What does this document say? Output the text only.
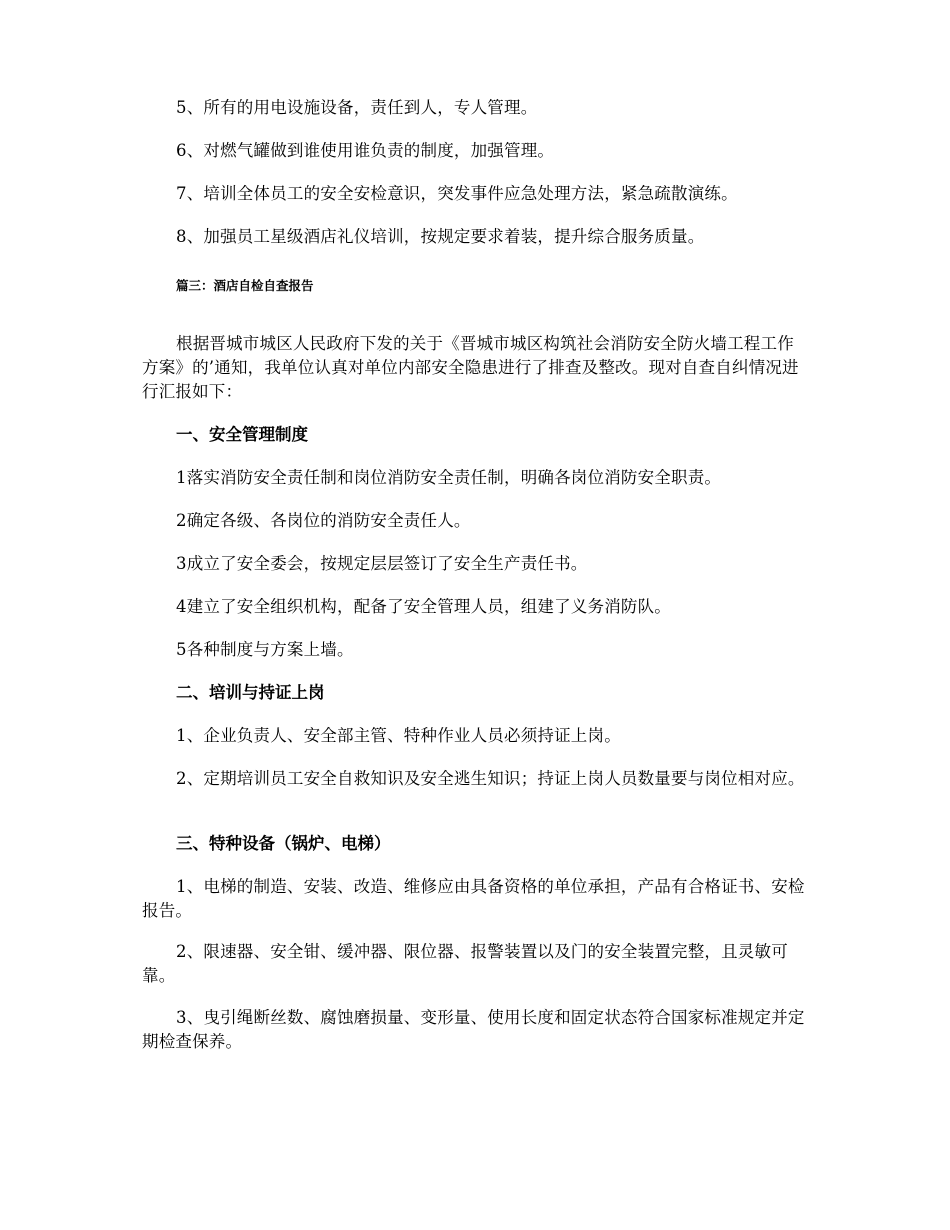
5、所有的用电设施设备，责任到人，专人管理。

6、对燃气罐做到谁使用谁负责的制度，加强管理。

7、培训全体员工的安全安检意识，突发事件应急处理方法，紧急疏散演练。

8、加强员工星级酒店礼仪培训，按规定要求着装，提升综合服务质量。

篇三：酒店自检自查报告

根据晋城市城区人民政府下发的关于《晋城市城区构筑社会消防安全防火墙工程工作方案》的’通知，我单位认真对单位内部安全隐患进行了排查及整改。现对自查自纠情况进行汇报如下：

一、安全管理制度

1落实消防安全责任制和岗位消防安全责任制，明确各岗位消防安全职责。

2确定各级、各岗位的消防安全责任人。

3成立了安全委会，按规定层层签订了安全生产责任书。

4建立了安全组织机构，配备了安全管理人员，组建了义务消防队。

5各种制度与方案上墙。

二、培训与持证上岗

1、企业负责人、安全部主管、特种作业人员必须持证上岗。

2、定期培训员工安全自救知识及安全逃生知识；持证上岗人员数量要与岗位相对应。

三、特种设备（锅炉、电梯）

1、电梯的制造、安装、改造、维修应由具备资格的单位承担，产品有合格证书、安检报告。

2、限速器、安全钳、缓冲器、限位器、报警装置以及门的安全装置完整，且灵敏可靠。

3、曳引绳断丝数、腐蚀磨损量、变形量、使用长度和固定状态符合国家标准规定并定期检查保养。
